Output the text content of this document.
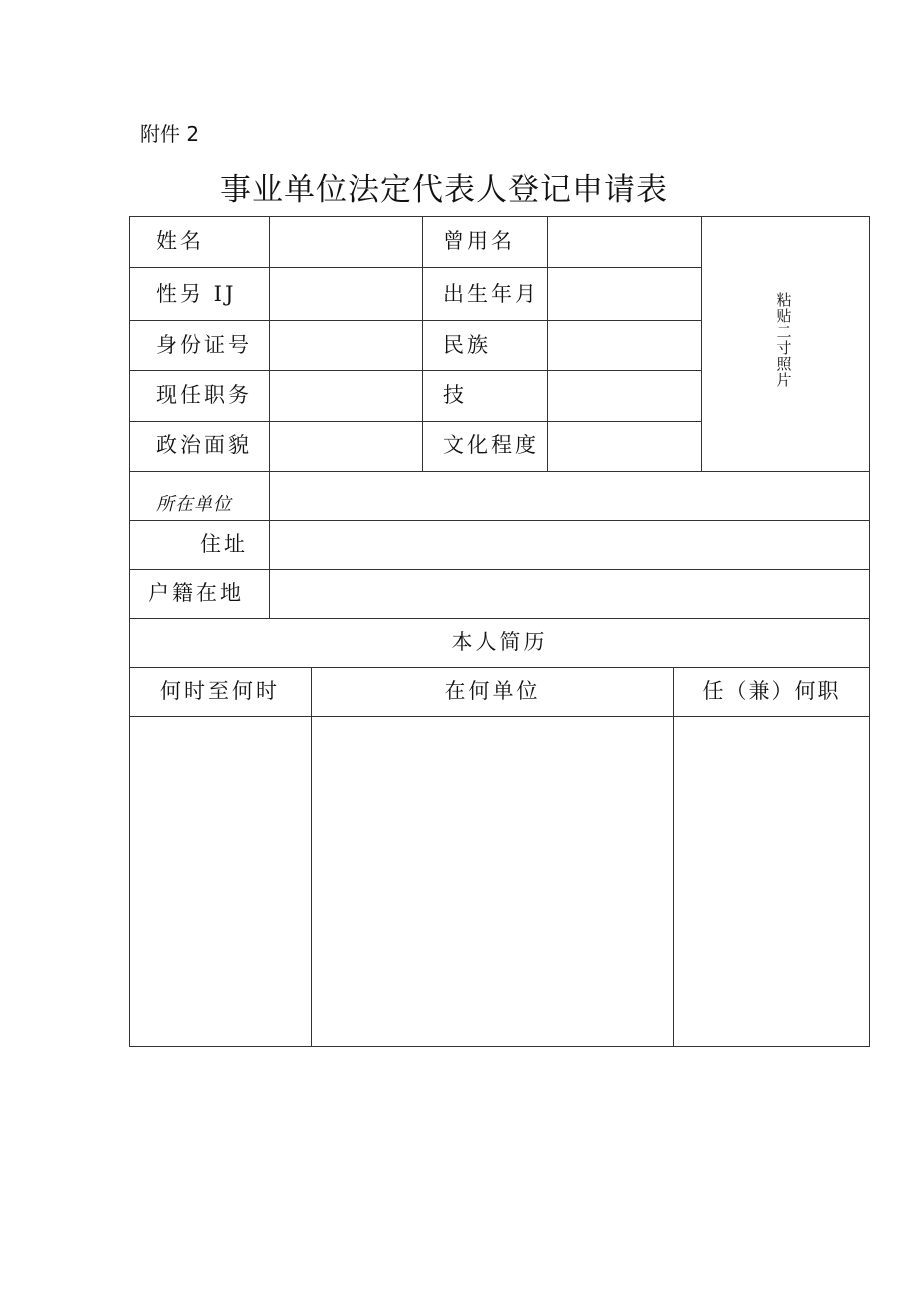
附件 2
事业单位法定代表人登记申请表
姓名	曾用名
性另 IJ	出生年月
身份证号	民族
现任职务	技
政治面貌	文化程度
粘贴二寸照片
所在单位
住址
户籍在地
本人简历
何时至何时	在何单位	任（兼）何职
